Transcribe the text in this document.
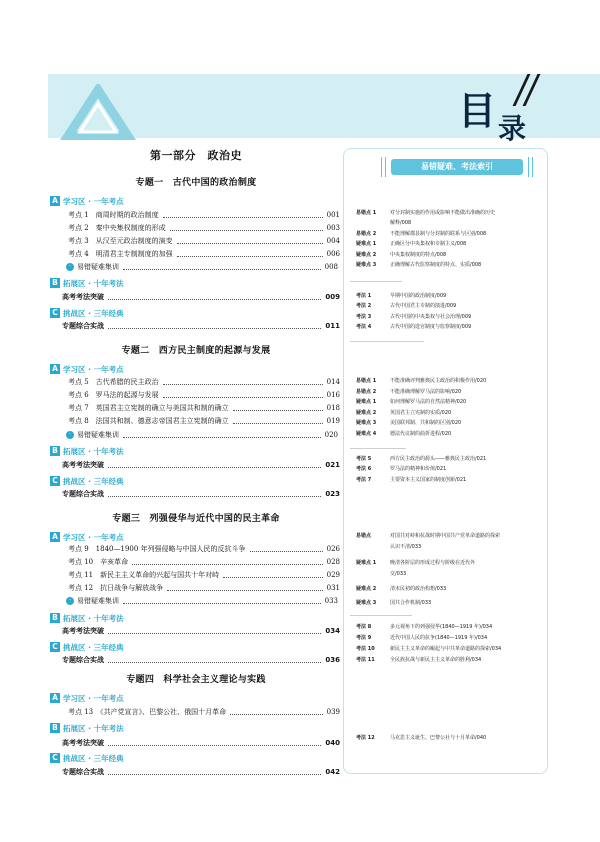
目录
第一部分　政治史
专题一　古代中国的政治制度
A 学习区 · 一年考点
考点 1　商周时期的政治制度	001
考点 2　秦中央集权制度的形成	003
考点 3　从汉至元政治制度的演变	004
考点 4　明清君主专制制度的加强	006
· 易错疑难集训	008
B 拓展区 · 十年考法
高考考法突破	009
C 挑战区 · 三年经典
专题综合实战	011
专题二　西方民主制度的起源与发展
A 学习区 · 一年考点
考点 5　古代希腊的民主政治	014
考点 6　罗马法的起源与发展	016
考点 7　英国君主立宪制的确立与美国共和制的确立	018
考点 8　法国共和制、德意志帝国君主立宪制的确立	019
· 易错疑难集训	020
B 拓展区 · 十年考法
高考考法突破	021
C 挑战区 · 三年经典
专题综合实战	023
专题三　列强侵华与近代中国的民主革命
A 学习区 · 一年考点
考点 9　1840—1900 年列强侵略与中国人民的反抗斗争	026
考点 10　辛亥革命	028
考点 11　新民主主义革命的兴起与国共十年对峙	029
考点 12　抗日战争与解放战争	031
· 易错疑难集训	033
B 拓展区 · 十年考法
高考考法突破	034
C 挑战区 · 三年经典
专题综合实战	036
专题四　科学社会主义理论与实践
A 学习区 · 一年考点
考点 13　《共产党宣言》、巴黎公社、俄国十月革命	039
B 拓展区 · 十年考法
高考考法突破	040
C 挑战区 · 三年经典
专题综合实战	042
易错疑难、考法索引
易错点 1	对分封制实施的作用或影响不能做出准确的历史
解释/008
易错点 2	不能理解郡县制与分封制的联系与区别/008
疑难点 1	正确区分中央集权和专制主义/008
疑难点 2	中央集权制度的特点/008
疑难点 3	正确理解古代监察制度的特点、实质/008
考法 1	早期中国的政治制度/009
考法 2	古代中国君主专制的演进/009
考法 3	古代中国的中央集权与社会治理/009
考法 4	古代中国的选官制度与监察制度/009
易错点 1	不能准确评判雅典民主政治的积极作用/020
易错点 2	不能准确理解罗马法的影响/020
疑难点 1	如何理解罗马法的自然法精神/020
疑难点 2	英国君主立宪制的实质/020
疑难点 3	美国联邦制、共和制的区别/020
疑难点 4	德法代议制的曲折进程/020
考法 5	西方民主政治的源头——雅典民主政治/021
考法 6	罗马法的精神和价值/021
考法 7	主要资本主义国家的制度创新/021
易错点	对国共对峙和抗战时期中国共产党革命道路的探索
认识不清/033
疑难点 1	晚清各阶层的形成过程与阶级在近代外
交/033
疑难点 2	清末民初的政治构想/033
疑难点 3	国共合作机制/033
考法 8	多元视角下的列强侵华(1840—1919 年)/034
考法 9	近代中国人民的抗争(1840—1919 年)/034
考法 10	新民主主义革命的崛起与中共革命道路的探索/034
考法 11	全民族抗战与新民主主义革命的胜利/034
考法 12	马克思主义诞生、巴黎公社与十月革命/040
